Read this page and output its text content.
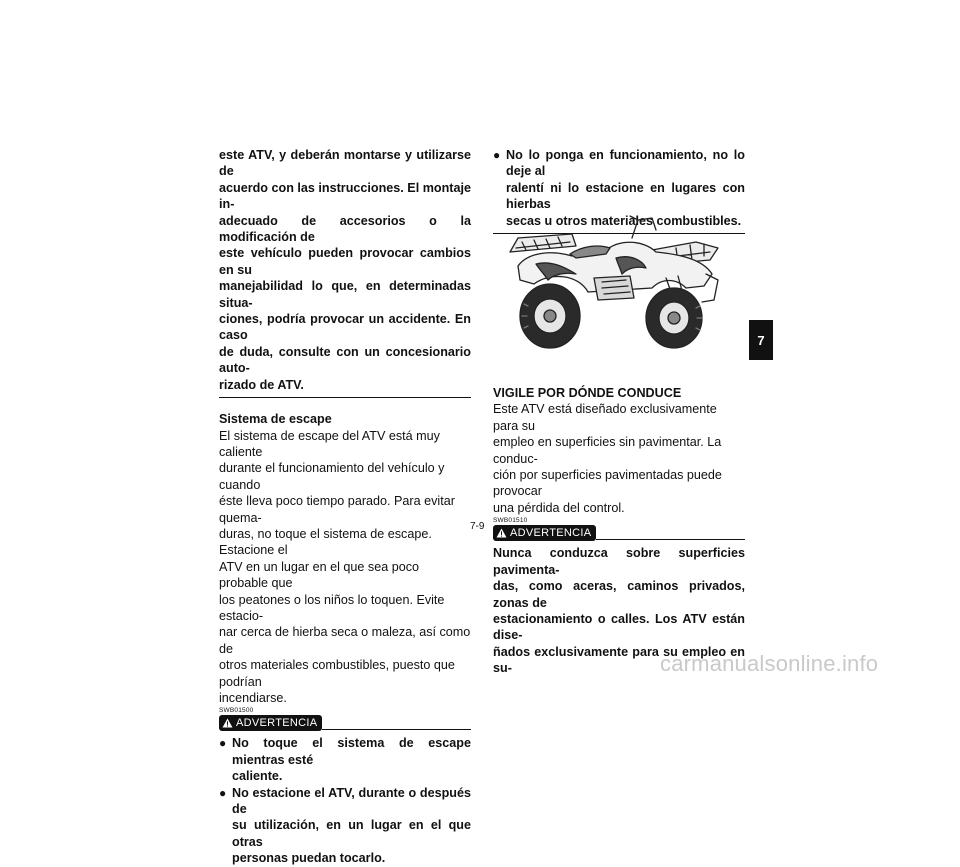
este ATV, y deberán montarse y utilizarse de

acuerdo con las instrucciones. El montaje in-

adecuado de accesorios o la modificación de

este vehículo pueden provocar cambios en su

manejabilidad lo que, en determinadas situa-

ciones, podría provocar un accidente. En caso

de duda, consulte con un concesionario auto-

rizado de ATV.

Sistema de escape

El sistema de escape del ATV está muy caliente

durante el funcionamiento del vehículo y cuando

éste lleva poco tiempo parado. Para evitar quema-

duras, no toque el sistema de escape. Estacione el

ATV en un lugar en el que sea poco probable que

los peatones o los niños lo toquen. Evite estacio-

nar cerca de hierba seca o maleza, así como de

otros materiales combustibles, puesto que podrían

incendiarse.

SWB01500
ADVERTENCIA
● No toque el sistema de escape mientras esté

caliente.

● No estacione el ATV, durante o después de

su utilización, en un lugar en el que otras

personas puedan tocarlo.

● No lo ponga en funcionamiento, no lo deje al

ralentí ni lo estacione en lugares con hierbas

secas u otros materiales combustibles.

VIGILE POR DÓNDE CONDUCE

Este ATV está diseñado exclusivamente para su

empleo en superficies sin pavimentar. La conduc-

ción por superficies pavimentadas puede provocar

una pérdida del control.

SWB01510
ADVERTENCIA

Nunca conduzca sobre superficies pavimenta-

das, como aceras, caminos privados, zonas de

estacionamiento o calles. Los ATV están dise-

ñados exclusivamente para su empleo en su-

7
7-9
carmanualsonline.info
